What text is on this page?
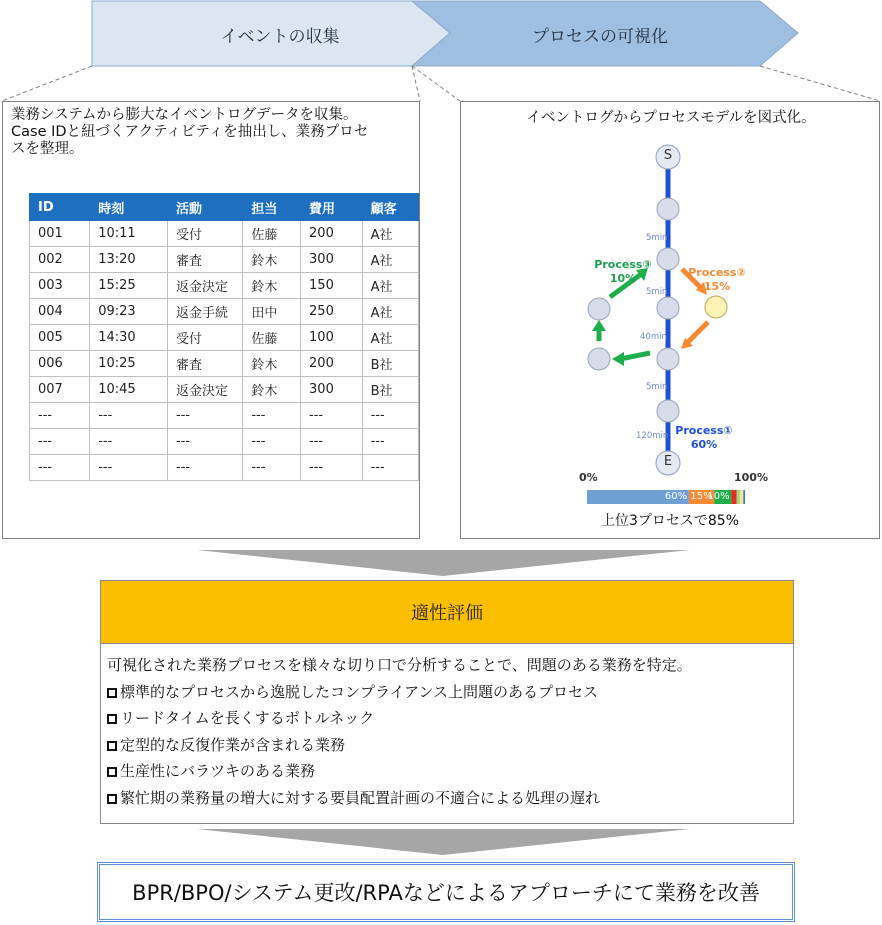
イベントの収集	プロセスの可視化
業務システムから膨大なイベントログデータを収集。
Case IDと紐づくアクティビティを抽出し、業務プロセ
スを整理。
ID	時刻	活動	担当	費用	顧客
001	10:11	受付	佐藤	200	A社
002	13:20	審査	鈴木	300	A社
003	15:25	返金決定	鈴木	150	A社
004	09:23	返金手続	田中	250	A社
005	14:30	受付	佐藤	100	A社
006	10:25	審査	鈴木	200	B社
007	10:45	返金決定	鈴木	300	B社
---	---	---	---	---	---
---	---	---	---	---	---
---	---	---	---	---	---
イベントログからプロセスモデルを図式化。
S
E
5min
5min
40min
5min
120min
Process③
10%	Process②
15%
Process①
60%
0%	100%
60% 15%
10%
上位3プロセスで85%
適性評価
可視化された業務プロセスを様々な切り口で分析することで、問題のある業務を特定。
標準的なプロセスから逸脱したコンプライアンス上問題のあるプロセス
リードタイムを長くするボトルネック
定型的な反復作業が含まれる業務
生産性にバラツキのある業務
繁忙期の業務量の増大に対する要員配置計画の不適合による処理の遅れ
BPR/BPO/システム更改/RPAなどによるアプローチにて業務を改善
